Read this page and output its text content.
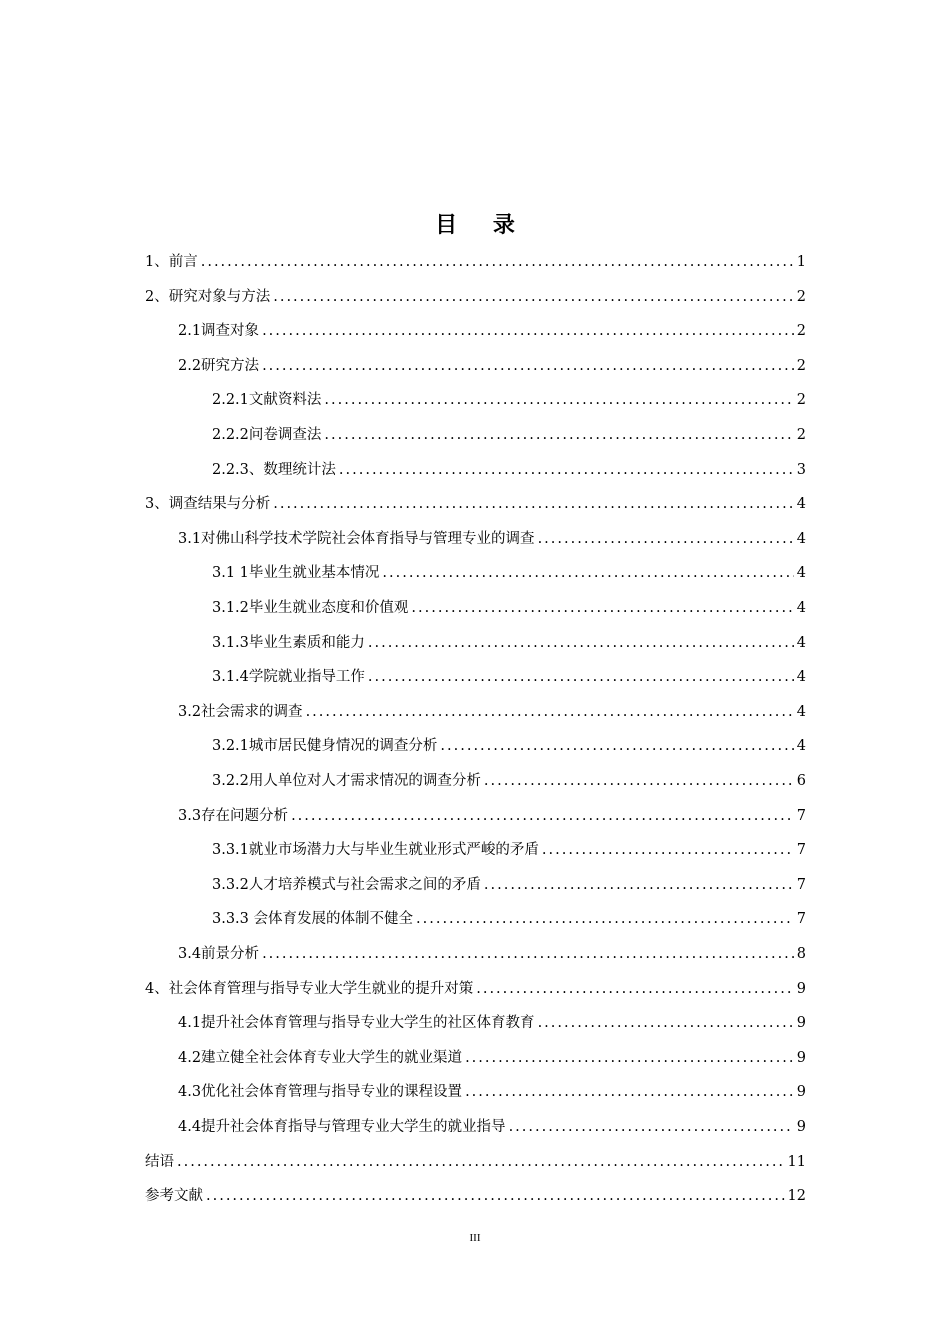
目 录
1、前言 .....	1
2、研究对象与方法 .....	2
2.1调查对象 .....	2
2.2研究方法 .....	2
2.2.1文献资料法 .....	2
2.2.2问卷调查法 .....	2
2.2.3、数理统计法 .....	3
3、调查结果与分析 .....	4
3.1对佛山科学技术学院社会体育指导与管理专业的调查 .....	4
3.1 1毕业生就业基本情况 .....	4
3.1.2毕业生就业态度和价值观 .....	4
3.1.3毕业生素质和能力 .....	4
3.1.4学院就业指导工作 .....	4
3.2社会需求的调查 .....	4
3.2.1城市居民健身情况的调查分析 .....	4
3.2.2用人单位对人才需求情况的调查分析 .....	6
3.3存在问题分析 .....	7
3.3.1就业市场潜力大与毕业生就业形式严峻的矛盾 .....	7
3.3.2人才培养模式与社会需求之间的矛盾 .....	7
3.3.3 会体育发展的体制不健全 .....	7
3.4前景分析 .....	8
4、社会体育管理与指导专业大学生就业的提升对策 .....	9
4.1提升社会体育管理与指导专业大学生的社区体育教育 .....	9
4.2建立健全社会体育专业大学生的就业渠道 .....	9
4.3优化社会体育管理与指导专业的课程设置 .....	9
4.4提升社会体育指导与管理专业大学生的就业指导 .....	9
结语 .....	11
参考文献 .....	12
III
